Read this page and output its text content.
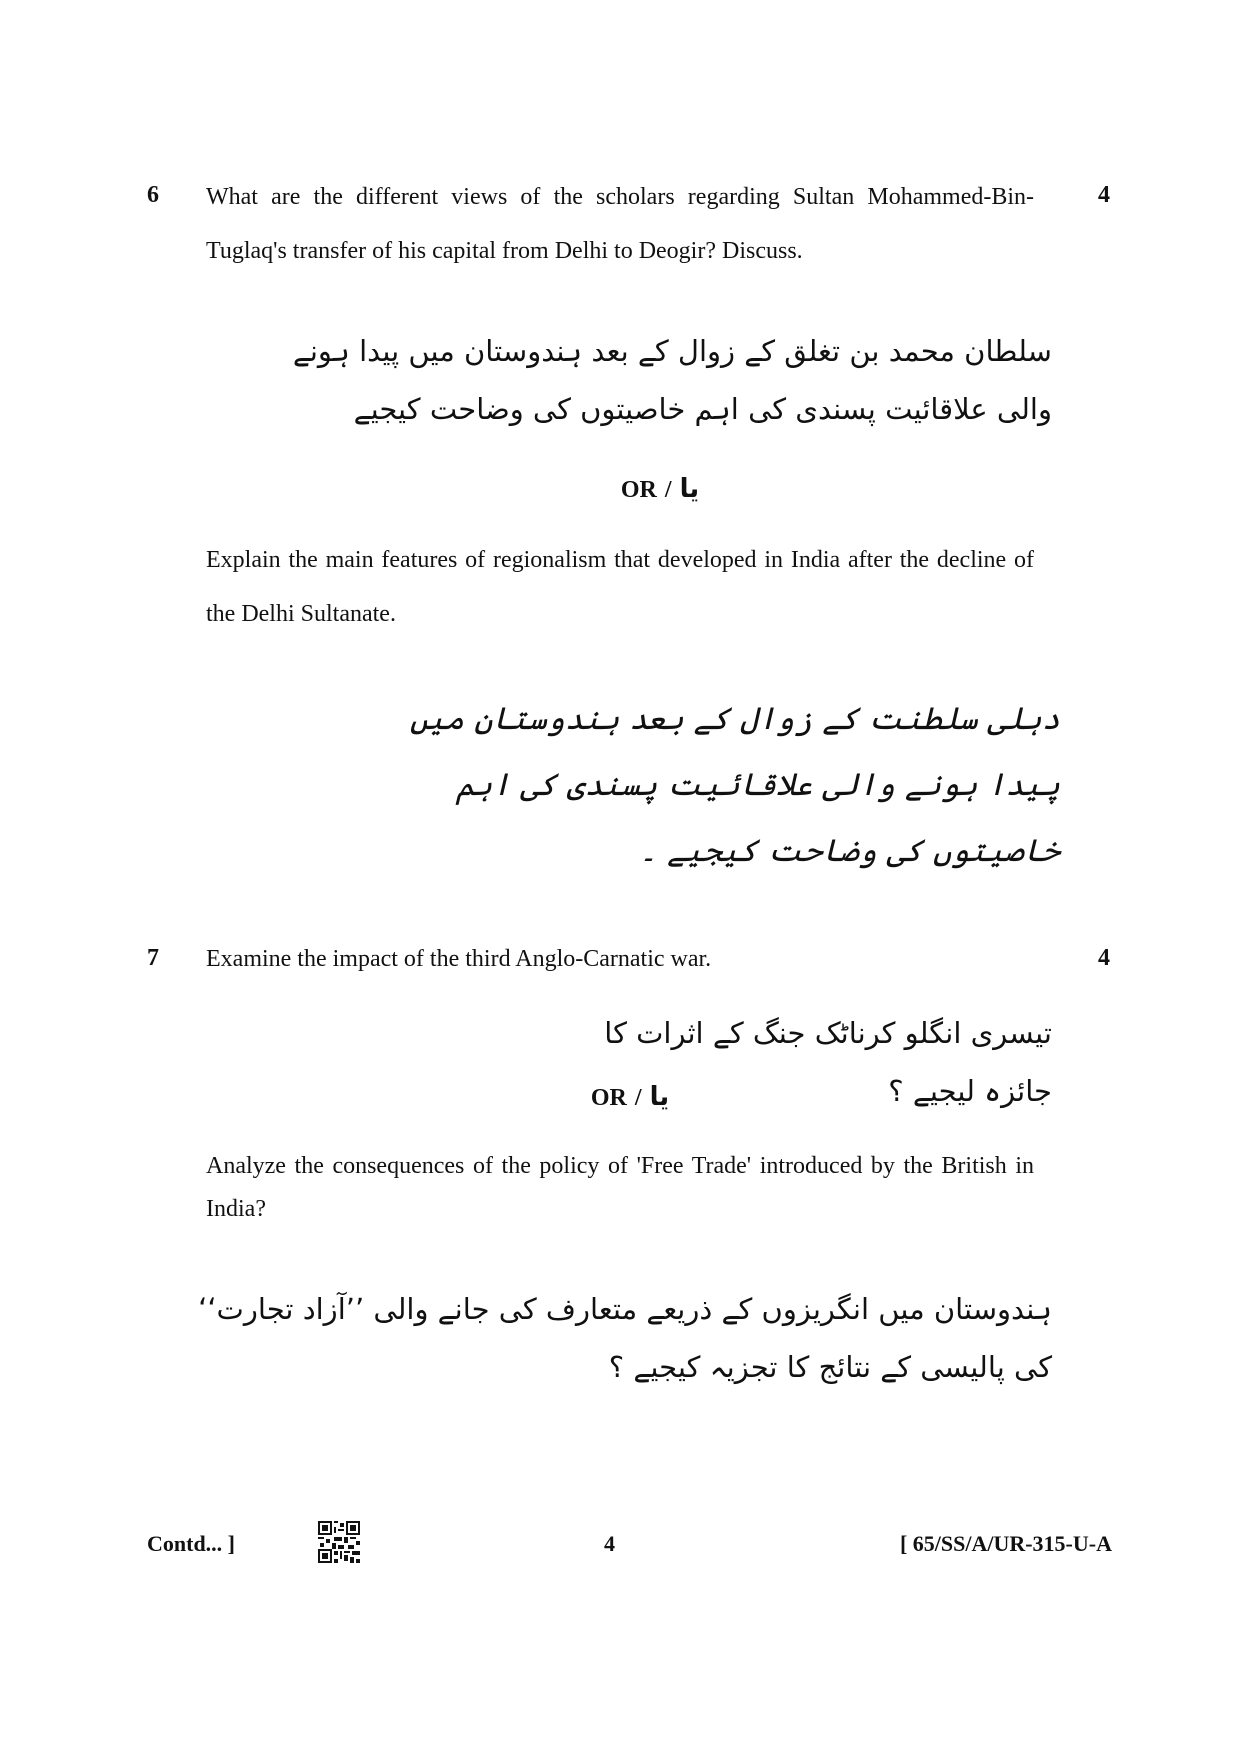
6	4
What are the different views of the scholars regarding Sultan Mohammed-Bin-Tuglaq's transfer of his capital from Delhi to Deogir? Discuss.
سلطان محمد بن تغلق کے زوال کے بعد ہندوستان میں پیدا ہونے والی علاقائیت پسندی کی اہم خاصیتوں کی وضاحت کیجیے
OR / یا
Explain the main features of regionalism that developed in India after the decline of the Delhi Sultanate.
دہلی سلطنت کے زوال کے بعد ہندوستان میں پیدا ہونے والی علاقائیت پسندی کی اہم خاصیتوں کی وضاحت کیجیے ۔
7	4
Examine the impact of the third Anglo-Carnatic war.
تیسری انگلو کرناٹک جنگ کے اثرات کا جائزہ لیجیے ؟
OR / یا
Analyze the consequences of the policy of 'Free Trade' introduced by the British in India?
ہندوستان میں انگریزوں کے ذریعے متعارف کی جانے والی ’’آزاد تجارت‘‘ کی پالیسی کے نتائج کا تجزیہ کیجیے ؟
Contd... ]	4	[ 65/SS/A/UR-315-U-A
